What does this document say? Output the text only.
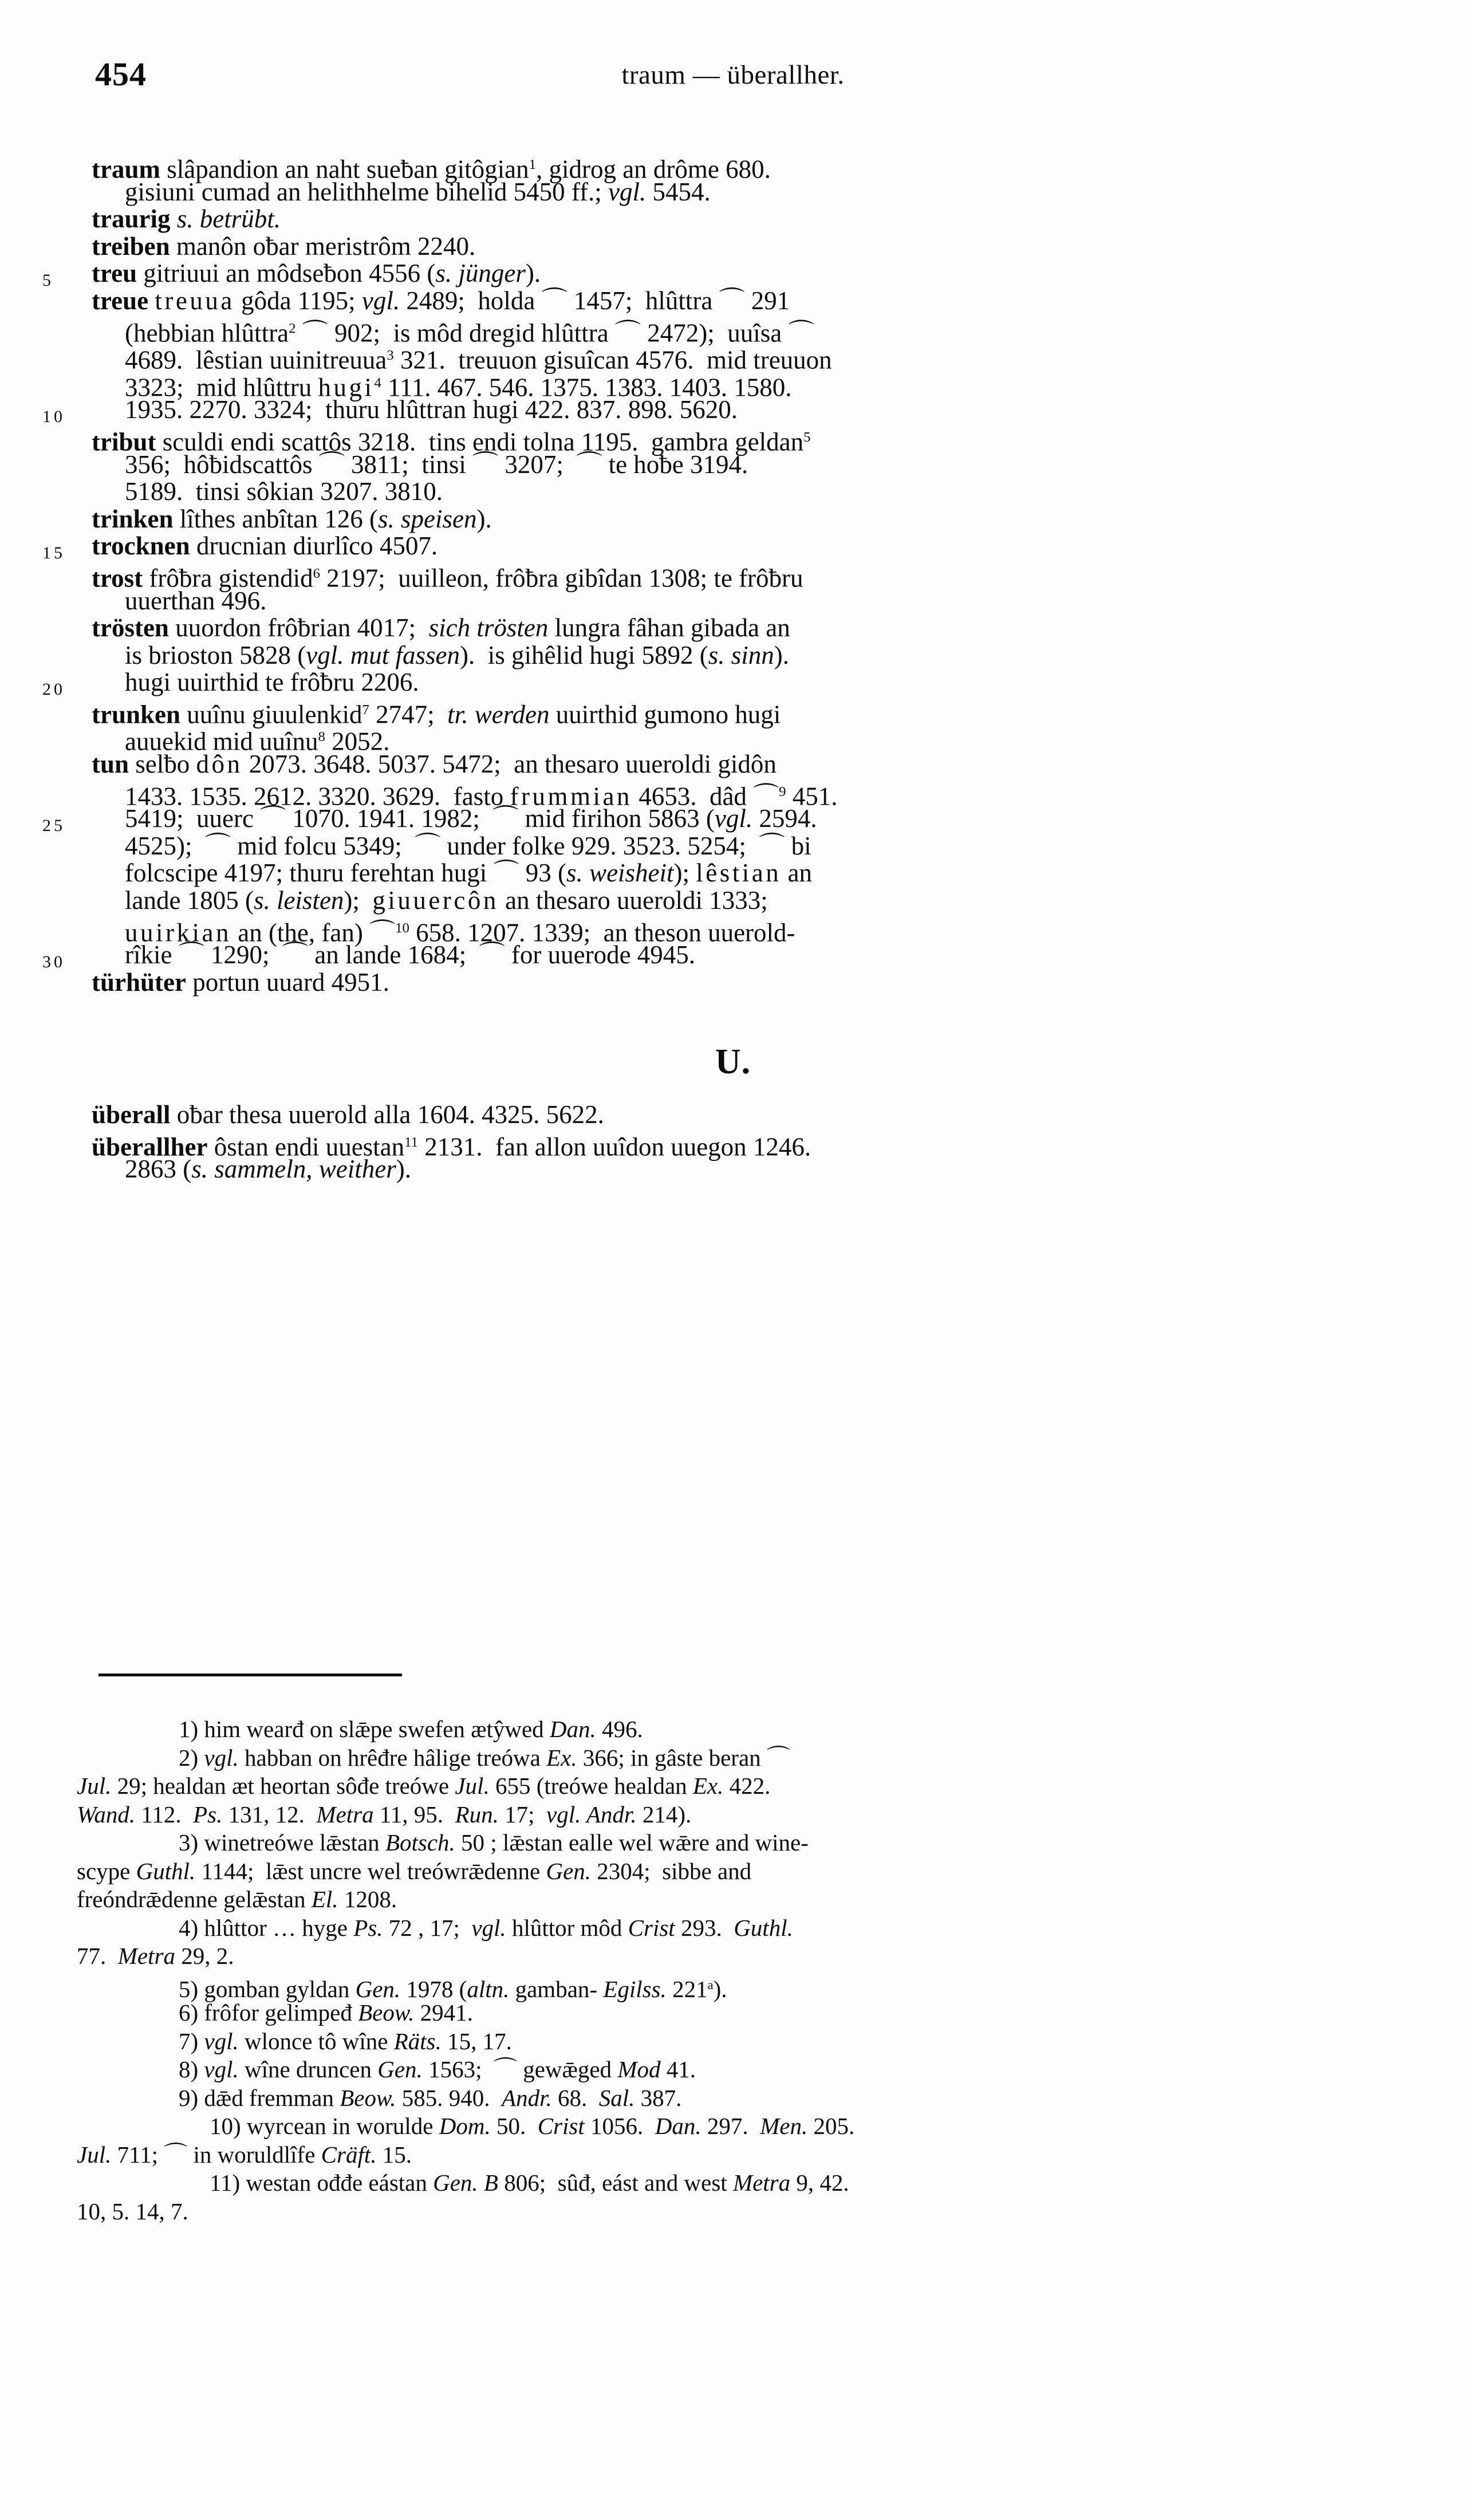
454	traum — überallher.
traum slâpandion an naht sueƀan gitôgian$^1$, gidrog an drôme 680.
gisiuni cumad an helithhelme bihelid 5450 ff.; vgl. 5454.
traurig s. betrübt.
treiben manôn oƀar meristrôm 2240.
5 treu gitriuui an môdseƀon 4556 (s. jünger).
treue treuua gôda 1195; vgl. 2489;  holda ⌒ 1457;  hlûttra ⌒ 291
(hebbian hlûttra$^2$ ⌒ 902;  is môd dregid hlûttra ⌒ 2472);  uuîsa ⌒
4689.  lêstian uuinitreuua$^3$ 321.  treuuon gisuîcan 4576.  mid treuuon
3323;  mid hlûttru hugi$^4$ 111. 467. 546. 1375. 1383. 1403. 1580.
10 1935. 2270. 3324;  thuru hlûttran hugi 422. 837. 898. 5620.
tribut sculdi endi scattôs 3218.  tins endi tolna 1195.  gambra geldan$^5$
356;  hôƀidscattôs ⌒ 3811;  tinsi ⌒ 3207;  ⌒ te hoƀe 3194.
5189.  tinsi sôkian 3207. 3810.
trinken lîthes anbîtan 126 (s. speisen).
15 trocknen drucnian diurlîco 4507.
trost frôƀra gistendid$^6$ 2197;  uuilleon, frôƀra gibîdan 1308; te frôƀru
uuerthan 496.
trösten uuordon frôƀrian 4017;  sich trösten lungra fâhan gibada an
is brioston 5828 (vgl. mut fassen).  is gihêlid hugi 5892 (s. sinn).
20 hugi uuirthid te frôƀru 2206.
trunken uuînu giuulenkid$^7$ 2747;  tr. werden uuirthid gumono hugi
auuekid mid uuînu$^8$ 2052.
tun selƀo dôn 2073. 3648. 5037. 5472;  an thesaro uueroldi gidôn
1433. 1535. 2612. 3320. 3629.  fasto frummian 4653.  dâd ⌒$^9$ 451.
25 5419;  uuerc ⌒ 1070. 1941. 1982;  ⌒ mid firihon 5863 (vgl. 2594.
4525);  ⌒ mid folcu 5349;  ⌒ under folke 929. 3523. 5254;  ⌒ bi
folcscipe 4197; thuru ferehtan hugi ⌒ 93 (s. weisheit); lêstian an
lande 1805 (s. leisten);  giuuercôn an thesaro uueroldi 1333;
uuirkian an (the, fan) ⌒$^{10}$ 658. 1207. 1339;  an theson uuerold-
30 rîkie ⌒ 1290;  ⌒ an lande 1684;  ⌒ for uuerode 4945.
türhüter portun uuard 4951.
U.
überall oƀar thesa uuerold alla 1604. 4325. 5622.
überallher ôstan endi uuestan$^{11}$ 2131.  fan allon uuîdon uuegon 1246.
2863 (s. sammeln, weither).
1) him wearđ on slǣpe swefen ætŷwed Dan. 496.
2) vgl. habban on hrêđre hâlige treówa Ex. 366; in gâste beran ⌒
Jul. 29; healdan æt heortan sôđe treówe Jul. 655 (treówe healdan Ex. 422.
Wand. 112.  Ps. 131, 12.  Metra 11, 95.  Run. 17;  vgl. Andr. 214).
3) winetreówe lǣstan Botsch. 50 ; lǣstan ealle wel wǣre and wine-
scype Guthl. 1144;  lǣst uncre wel treówrǣdenne Gen. 2304;  sibbe and
freóndrǣdenne gelǣstan El. 1208.
4) hlûttor … hyge Ps. 72 , 17;  vgl. hlûttor môd Crist 293.  Guthl.
77.  Metra 29, 2.
5) gomban gyldan Gen. 1978 (altn. gamban- Egilss. 221$^a$).
6) frôfor gelimpeđ Beow. 2941.
7) vgl. wlonce tô wîne Räts. 15, 17.
8) vgl. wîne druncen Gen. 1563;  ⌒ gewǣged Mod 41.
9) dǣd fremman Beow. 585. 940.  Andr. 68.  Sal. 387.
10) wyrcean in worulde Dom. 50.  Crist 1056.  Dan. 297.  Men. 205.
Jul. 711; ⌒ in woruldlîfe Cräft. 15.
11) westan ođđe eástan Gen. B 806;  sûđ, eást and west Metra 9, 42.
10, 5. 14, 7.
